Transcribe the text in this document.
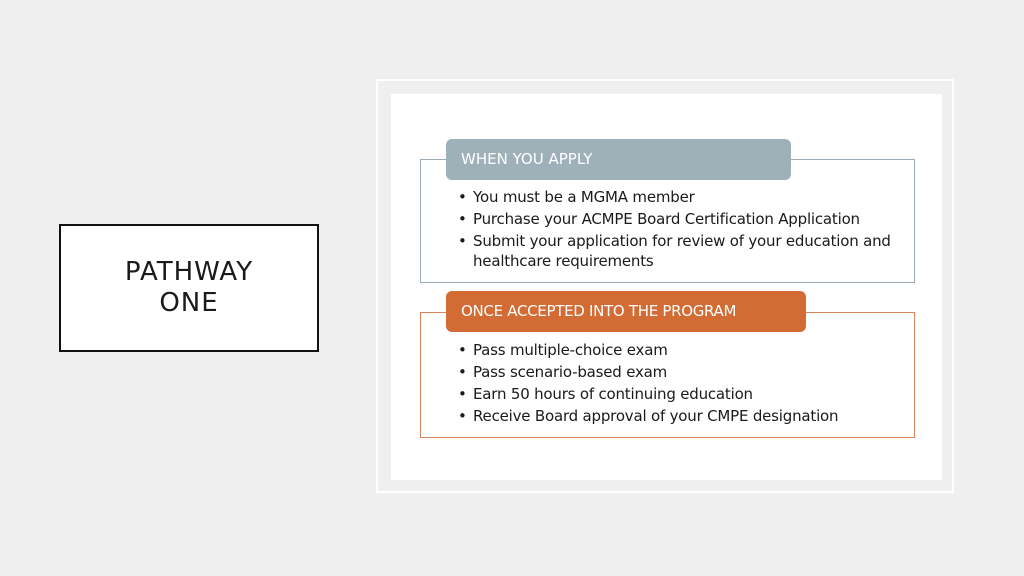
PATHWAY
ONE
WHEN YOU APPLY
• You must be a MGMA member
• Purchase your ACMPE Board Certification Application
• Submit your application for review of your education and healthcare requirements
ONCE ACCEPTED INTO THE PROGRAM
• Pass multiple-choice exam
• Pass scenario-based exam
• Earn 50 hours of continuing education
• Receive Board approval of your CMPE designation
